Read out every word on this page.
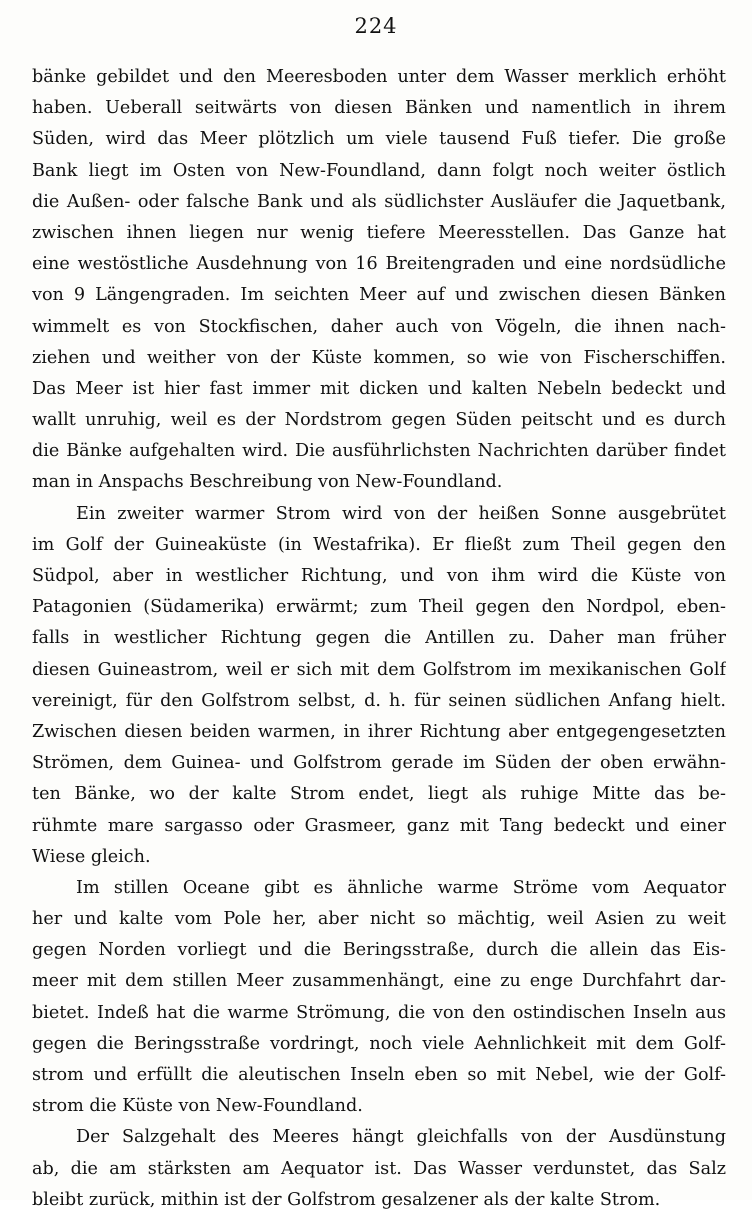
224
bänke gebildet und den Meeresboden unter dem Wasser merklich erhöht
haben. Ueberall seitwärts von diesen Bänken und namentlich in ihrem
Süden, wird das Meer plötzlich um viele tausend Fuß tiefer. Die große
Bank liegt im Osten von New-Foundland, dann folgt noch weiter östlich
die Außen- oder falsche Bank und als südlichster Ausläufer die Jaquetbank,
zwischen ihnen liegen nur wenig tiefere Meeresstellen. Das Ganze hat
eine westöstliche Ausdehnung von 16 Breitengraden und eine nordsüdliche
von 9 Längengraden. Im seichten Meer auf und zwischen diesen Bänken
wimmelt es von Stockfischen, daher auch von Vögeln, die ihnen nach-
ziehen und weither von der Küste kommen, so wie von Fischerschiffen.
Das Meer ist hier fast immer mit dicken und kalten Nebeln bedeckt und
wallt unruhig, weil es der Nordstrom gegen Süden peitscht und es durch
die Bänke aufgehalten wird. Die ausführlichsten Nachrichten darüber findet
man in Anspachs Beschreibung von New-Foundland.
Ein zweiter warmer Strom wird von der heißen Sonne ausgebrütet
im Golf der Guineaküste (in Westafrika). Er fließt zum Theil gegen den
Südpol, aber in westlicher Richtung, und von ihm wird die Küste von
Patagonien (Südamerika) erwärmt; zum Theil gegen den Nordpol, eben-
falls in westlicher Richtung gegen die Antillen zu. Daher man früher
diesen Guineastrom, weil er sich mit dem Golfstrom im mexikanischen Golf
vereinigt, für den Golfstrom selbst, d. h. für seinen südlichen Anfang hielt.
Zwischen diesen beiden warmen, in ihrer Richtung aber entgegengesetzten
Strömen, dem Guinea- und Golfstrom gerade im Süden der oben erwähn-
ten Bänke, wo der kalte Strom endet, liegt als ruhige Mitte das be-
rühmte mare sargasso oder Grasmeer, ganz mit Tang bedeckt und einer
Wiese gleich.
Im stillen Oceane gibt es ähnliche warme Ströme vom Aequator
her und kalte vom Pole her, aber nicht so mächtig, weil Asien zu weit
gegen Norden vorliegt und die Beringsstraße, durch die allein das Eis-
meer mit dem stillen Meer zusammenhängt, eine zu enge Durchfahrt dar-
bietet. Indeß hat die warme Strömung, die von den ostindischen Inseln aus
gegen die Beringsstraße vordringt, noch viele Aehnlichkeit mit dem Golf-
strom und erfüllt die aleutischen Inseln eben so mit Nebel, wie der Golf-
strom die Küste von New-Foundland.
Der Salzgehalt des Meeres hängt gleichfalls von der Ausdünstung
ab, die am stärksten am Aequator ist. Das Wasser verdunstet, das Salz
bleibt zurück, mithin ist der Golfstrom gesalzener als der kalte Strom.
